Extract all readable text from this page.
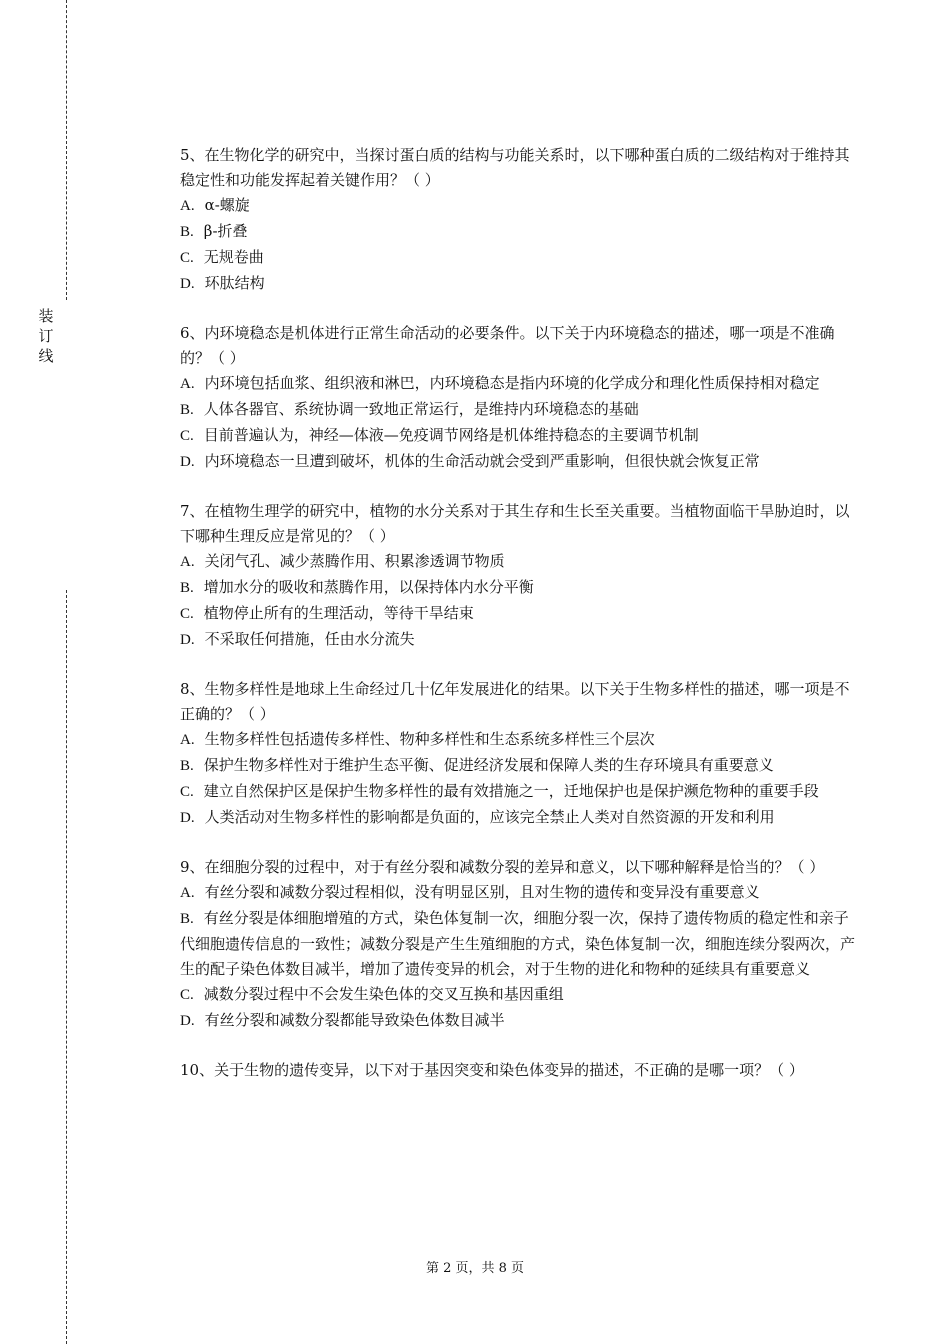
装
订
线

5、在生物化学的研究中，当探讨蛋白质的结构与功能关系时，以下哪种蛋白质的二级结构对于维持其稳定性和功能发挥起着关键作用？（ ）

A. α-螺旋

B. β-折叠

C. 无规卷曲

D. 环肽结构

6、内环境稳态是机体进行正常生命活动的必要条件。以下关于内环境稳态的描述，哪一项是不准确的？（ ）

A. 内环境包括血浆、组织液和淋巴，内环境稳态是指内环境的化学成分和理化性质保持相对稳定

B. 人体各器官、系统协调一致地正常运行，是维持内环境稳态的基础

C. 目前普遍认为，神经—体液—免疫调节网络是机体维持稳态的主要调节机制

D. 内环境稳态一旦遭到破坏，机体的生命活动就会受到严重影响，但很快就会恢复正常

7、在植物生理学的研究中，植物的水分关系对于其生存和生长至关重要。当植物面临干旱胁迫时，以下哪种生理反应是常见的？（ ）

A. 关闭气孔、减少蒸腾作用、积累渗透调节物质

B. 增加水分的吸收和蒸腾作用，以保持体内水分平衡

C. 植物停止所有的生理活动，等待干旱结束

D. 不采取任何措施，任由水分流失

8、生物多样性是地球上生命经过几十亿年发展进化的结果。以下关于生物多样性的描述，哪一项是不正确的？（ ）

A. 生物多样性包括遗传多样性、物种多样性和生态系统多样性三个层次

B. 保护生物多样性对于维护生态平衡、促进经济发展和保障人类的生存环境具有重要意义

C. 建立自然保护区是保护生物多样性的最有效措施之一，迁地保护也是保护濒危物种的重要手段

D. 人类活动对生物多样性的影响都是负面的，应该完全禁止人类对自然资源的开发和利用

9、在细胞分裂的过程中，对于有丝分裂和减数分裂的差异和意义，以下哪种解释是恰当的？（ ）

A. 有丝分裂和减数分裂过程相似，没有明显区别，且对生物的遗传和变异没有重要意义

B. 有丝分裂是体细胞增殖的方式，染色体复制一次，细胞分裂一次，保持了遗传物质的稳定性和亲子代细胞遗传信息的一致性；减数分裂是产生生殖细胞的方式，染色体复制一次，细胞连续分裂两次，产生的配子染色体数目减半，增加了遗传变异的机会，对于生物的进化和物种的延续具有重要意义

C. 减数分裂过程中不会发生染色体的交叉互换和基因重组

D. 有丝分裂和减数分裂都能导致染色体数目减半

10、关于生物的遗传变异，以下对于基因突变和染色体变异的描述，不正确的是哪一项？（ ）

第 2 页，共 8 页
